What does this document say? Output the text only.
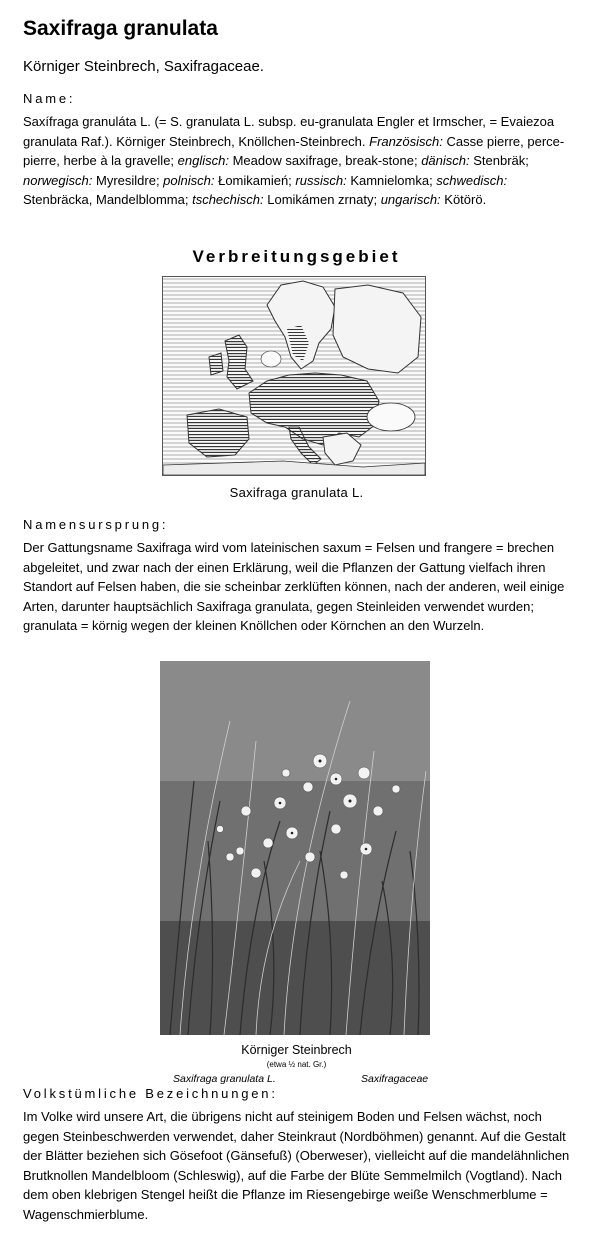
Saxifraga granulata
Körniger Steinbrech, Saxifragaceae.
Name:
Saxífraga granuláta L. (= S. granulata L. subsp. eu-granulata Engler et Irmscher, = Evaiezoa granulata Raf.). Körniger Steinbrech, Knöllchen-Steinbrech. Französisch: Casse pierre, perce-pierre, herbe à la gravelle; englisch: Meadow saxifrage, break-stone; dänisch: Stenbräk; norwegisch: Myresildre; polnisch: Łomikamień; russisch: Kamnielomka; schwedisch: Stenbräcka, Mandelblomma; tschechisch: Lomikámen zrnaty; ungarisch: Kötörö.
Verbreitungsgebiet
Saxifraga granulata L.
Namensursprung:
Der Gattungsname Saxifraga wird vom lateinischen saxum = Felsen und frangere = brechen abgeleitet, und zwar nach der einen Erklärung, weil die Pflanzen der Gattung vielfach ihren Standort auf Felsen haben, die sie scheinbar zerklüften können, nach der anderen, weil einige Arten, darunter hauptsächlich Saxifraga granulata, gegen Steinleiden verwendet wurden; granulata = körnig wegen der kleinen Knöllchen oder Körnchen an den Wurzeln.
Körniger Steinbrech
(etwa ½ nat. Gr.)
Saxifraga granulata L.	Saxifragaceae
Volkstümliche Bezeichnungen:
Im Volke wird unsere Art, die übrigens nicht auf steinigem Boden und Felsen wächst, noch gegen Steinbeschwerden verwendet, daher Steinkraut (Nordböhmen) genannt. Auf die Gestalt der Blätter beziehen sich Gösefoot (Gänsefuß) (Oberweser), vielleicht auf die mandelähnlichen Brutknollen Mandelbloom (Schleswig), auf die Farbe der Blüte Semmelmilch (Vogtland). Nach dem oben klebrigen Stengel heißt die Pflanze im Riesengebirge weiße Wenschmerblume = Wagenschmierblume.
